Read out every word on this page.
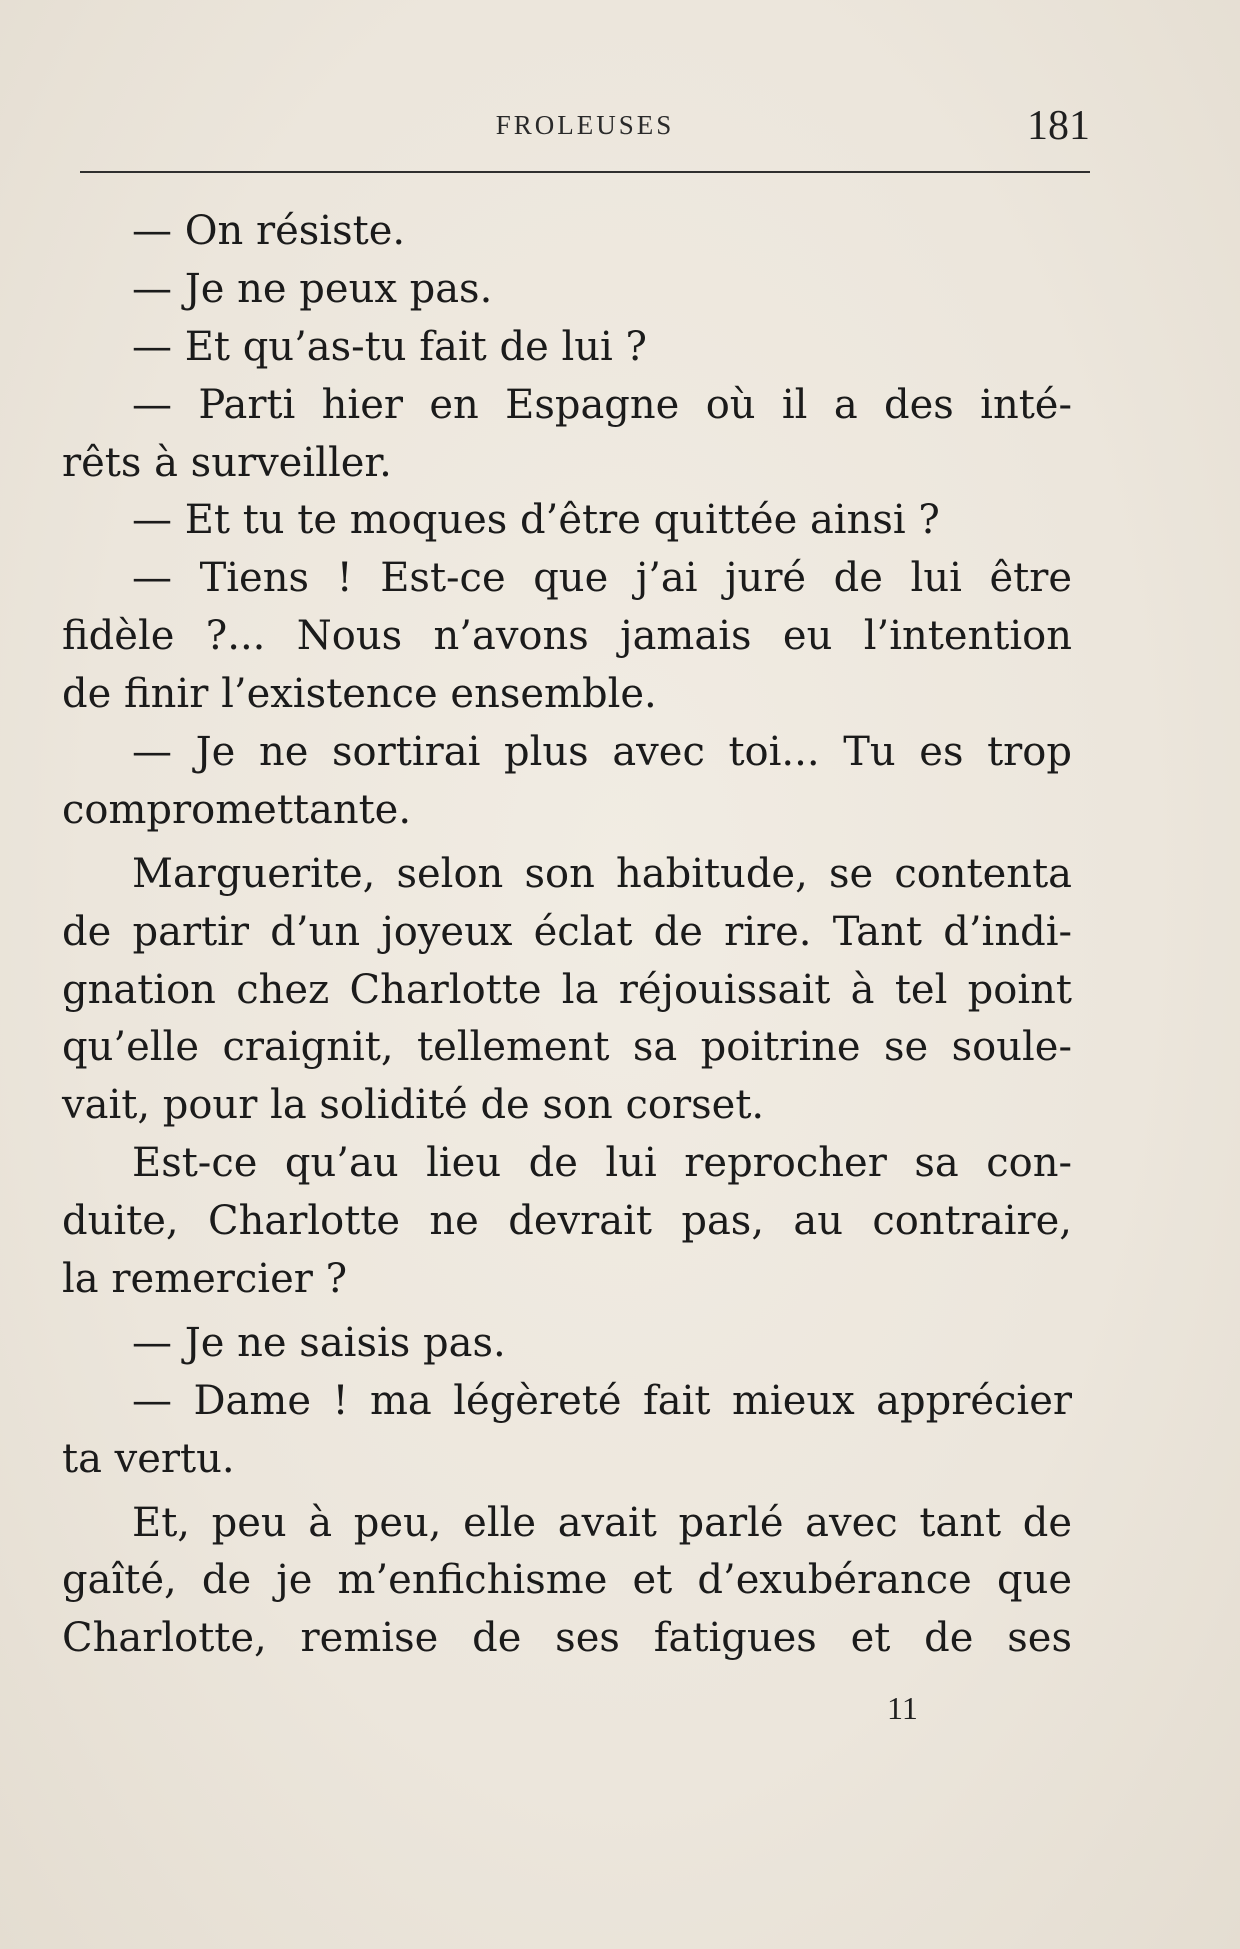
FROLEUSES	181
— On résiste.
— Je ne peux pas.
— Et qu’as-tu fait de lui ?
— Parti hier en Espagne où il a des inté-
rêts à surveiller.
— Et tu te moques d’être quittée ainsi ?
— Tiens ! Est-ce que j’ai juré de lui être
fidèle ?... Nous n’avons jamais eu l’intention
de finir l’existence ensemble.
— Je ne sortirai plus avec toi... Tu es trop
compromettante.
Marguerite, selon son habitude, se contenta
de partir d’un joyeux éclat de rire. Tant d’indi-
gnation chez Charlotte la réjouissait à tel point
qu’elle craignit, tellement sa poitrine se soule-
vait, pour la solidité de son corset.
Est-ce qu’au lieu de lui reprocher sa con-
duite, Charlotte ne devrait pas, au contraire,
la remercier ?
— Je ne saisis pas.
— Dame ! ma légèreté fait mieux apprécier
ta vertu.
Et, peu à peu, elle avait parlé avec tant de
gaîté, de je m’enfichisme et d’exubérance que
Charlotte, remise de ses fatigues et de ses
11
